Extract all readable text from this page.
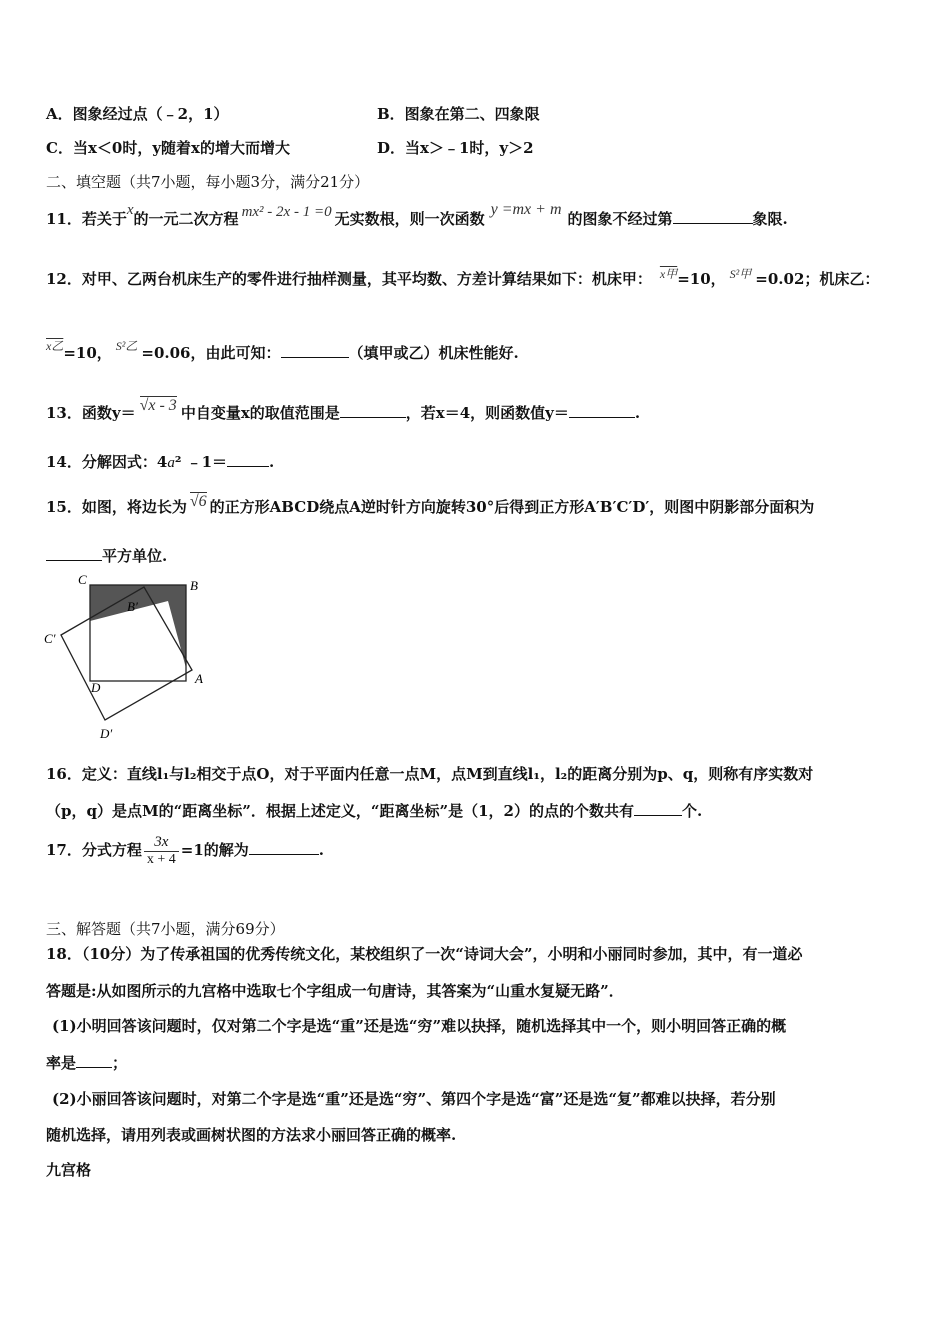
A．图象经过点（﹣2，1）	B．图象在第二、四象限
C．当x＜0时，y随着x的增大而增大	D．当x＞﹣1时，y＞2
二、填空题（共7小题，每小题3分，满分21分）
11．若关于x的一元二次方程 mx² - 2x - 1 =0 无实数根，则一次函数y =mx + m的图象不经过第	象限.
12．对甲、乙两台机床生产的零件进行抽样测量，其平均数、方差计算结果如下：机床甲： $^{x甲}$=10， $^{S^2甲}$ =0.02；机床乙：
$^{x乙}$=10， $^{S^2乙}$ =0.06，由此可知：	（填甲或乙）机床性能好.
13．函数y＝ √x - 3 中自变量x的取值范围是	，若x＝4，则函数值y＝	.
14．分解因式：4a² ﹣1＝	.
15．如图，将边长为 √6 的正方形ABCD绕点A逆时针方向旋转30°后得到正方形A′B′C′D′，则图中阴影部分面积为
平方单位.
C	B
B′
C′
D
A
D′
16．定义：直线l₁与l₂相交于点O，对于平面内任意一点M，点M到直线l₁，l₂的距离分别为p、q，则称有序实数对
（p，q）是点M的“距离坐标”．根据上述定义，“距离坐标”是（1，2）的点的个数共有	个.
17．分式方程 $\frac{3x}{x + 4} =1$的解为	.
三、解答题（共7小题，满分69分）
18．（10分）为了传承祖国的优秀传统文化，某校组织了一次“诗词大会”，小明和小丽同时参加，其中，有一道必
答题是:从如图所示的九宫格中选取七个字组成一句唐诗，其答案为“山重水复疑无路”．
(1)小明回答该问题时，仅对第二个字是选“重”还是选“穷”难以抉择，随机选择其中一个，则小明回答正确的概
率是 ；
(2)小丽回答该问题时，对第二个字是选“重”还是选“穷”、第四个字是选“富”还是选“复”都难以抉择，若分别
随机选择，请用列表或画树状图的方法求小丽回答正确的概率.
九宫格
